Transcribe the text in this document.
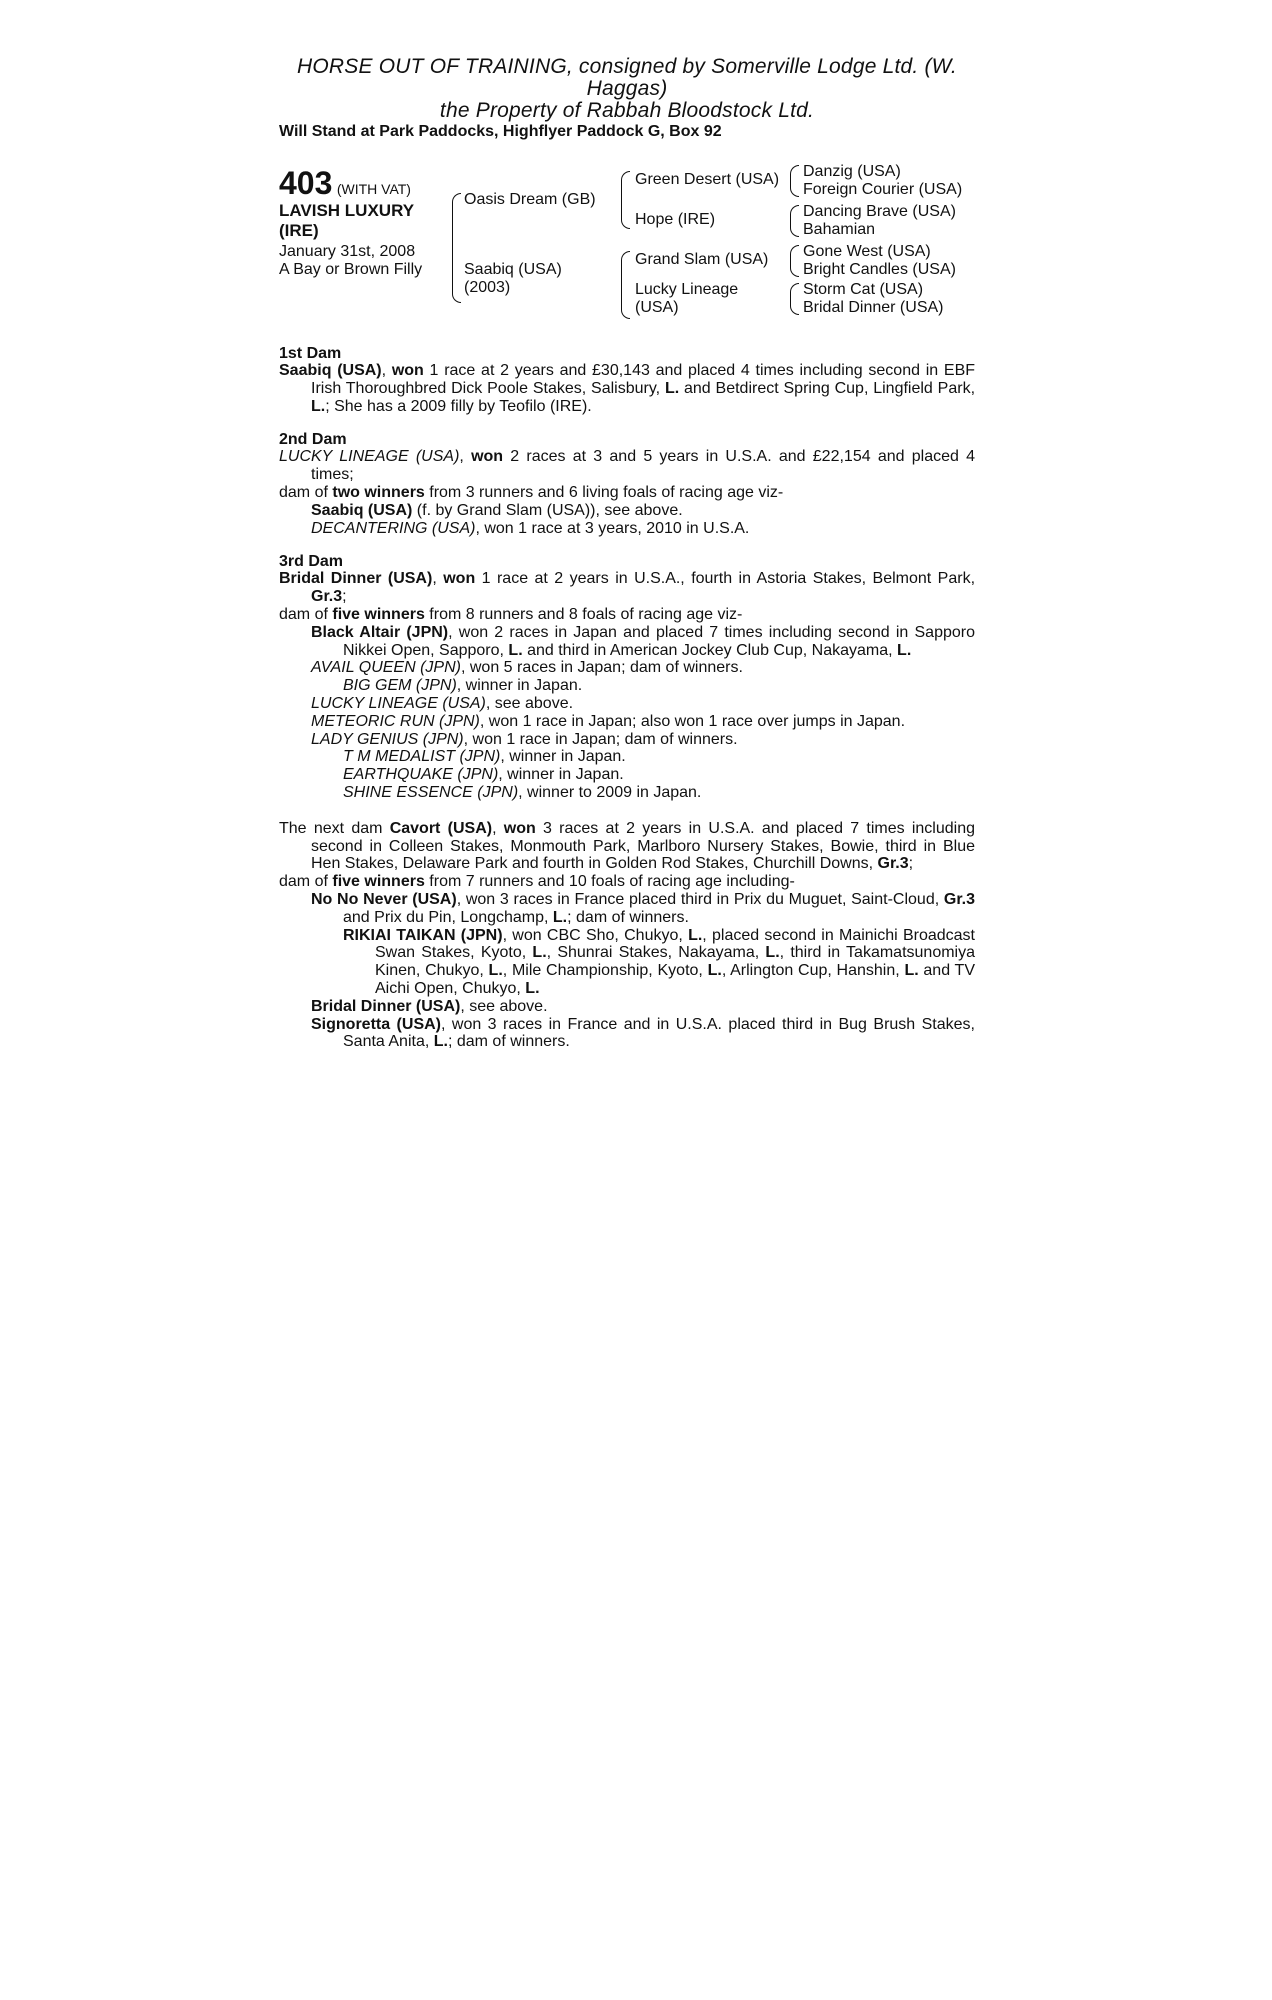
HORSE OUT OF TRAINING, consigned by Somerville Lodge Ltd. (W. Haggas)
the Property of Rabbah Bloodstock Ltd.
Will Stand at Park Paddocks, Highflyer Paddock G, Box 92
403 (WITH VAT)
LAVISH LUXURY
(IRE)
January 31st, 2008
A Bay or Brown Filly
Oasis Dream (GB)
Saabiq (USA)
(2003)
Green Desert (USA)
Hope (IRE)
Grand Slam (USA)
Lucky Lineage
(USA)
Danzig (USA)
Foreign Courier (USA)
Dancing Brave (USA)
Bahamian
Gone West (USA)
Bright Candles (USA)
Storm Cat (USA)
Bridal Dinner (USA)
1st Dam

Saabiq (USA), won 1 race at 2 years and £30,143 and placed 4 times including second in EBF Irish Thoroughbred Dick Poole Stakes, Salisbury, L. and Betdirect Spring Cup, Lingfield Park, L.; She has a 2009 filly by Teofilo (IRE).

2nd Dam

LUCKY LINEAGE (USA), won 2 races at 3 and 5 years in U.S.A. and £22,154 and placed 4 times;

dam of two winners from 3 runners and 6 living foals of racing age viz-

Saabiq (USA) (f. by Grand Slam (USA)), see above.

DECANTERING (USA), won 1 race at 3 years, 2010 in U.S.A.

3rd Dam

Bridal Dinner (USA), won 1 race at 2 years in U.S.A., fourth in Astoria Stakes, Belmont Park, Gr.3;

dam of five winners from 8 runners and 8 foals of racing age viz-

Black Altair (JPN), won 2 races in Japan and placed 7 times including second in Sapporo Nikkei Open, Sapporo, L. and third in American Jockey Club Cup, Nakayama, L.

AVAIL QUEEN (JPN), won 5 races in Japan; dam of winners.

BIG GEM (JPN), winner in Japan.

LUCKY LINEAGE (USA), see above.

METEORIC RUN (JPN), won 1 race in Japan; also won 1 race over jumps in Japan.

LADY GENIUS (JPN), won 1 race in Japan; dam of winners.

T M MEDALIST (JPN), winner in Japan.

EARTHQUAKE (JPN), winner in Japan.

SHINE ESSENCE (JPN), winner to 2009 in Japan.

The next dam Cavort (USA), won 3 races at 2 years in U.S.A. and placed 7 times including second in Colleen Stakes, Monmouth Park, Marlboro Nursery Stakes, Bowie, third in Blue Hen Stakes, Delaware Park and fourth in Golden Rod Stakes, Churchill Downs, Gr.3;

dam of five winners from 7 runners and 10 foals of racing age including-

No No Never (USA), won 3 races in France placed third in Prix du Muguet, Saint-Cloud, Gr.3 and Prix du Pin, Longchamp, L.; dam of winners.

RIKIAI TAIKAN (JPN), won CBC Sho, Chukyo, L., placed second in Mainichi Broadcast Swan Stakes, Kyoto, L., Shunrai Stakes, Nakayama, L., third in Takamatsunomiya Kinen, Chukyo, L., Mile Championship, Kyoto, L., Arlington Cup, Hanshin, L. and TV Aichi Open, Chukyo, L.

Bridal Dinner (USA), see above.

Signoretta (USA), won 3 races in France and in U.S.A. placed third in Bug Brush Stakes, Santa Anita, L.; dam of winners.
